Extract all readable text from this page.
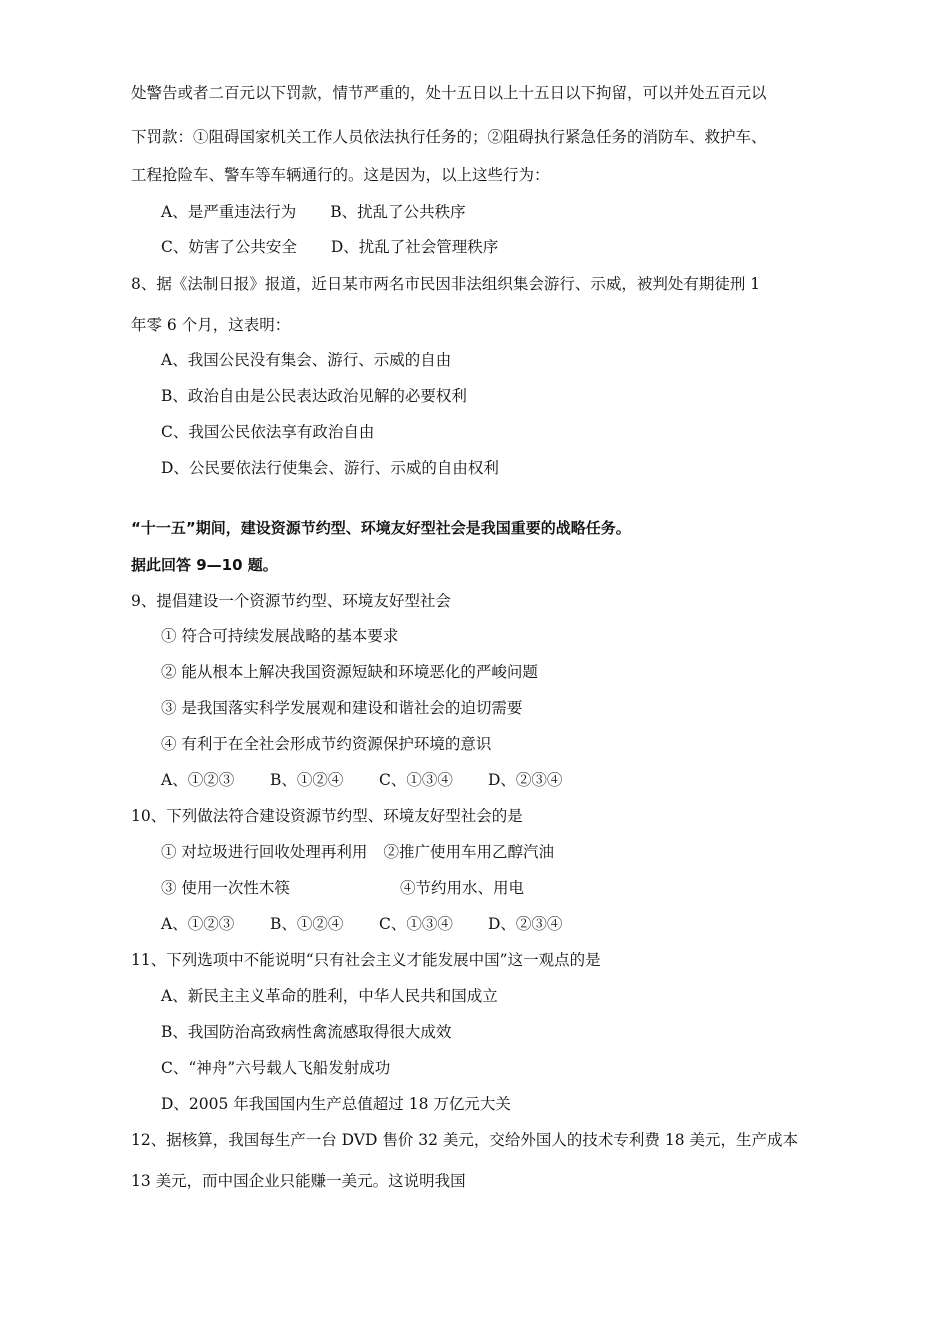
处警告或者二百元以下罚款，情节严重的，处十五日以上十五日以下拘留，可以并处五百元以
下罚款：①阻碍国家机关工作人员依法执行任务的；②阻碍执行紧急任务的消防车、救护车、
工程抢险车、警车等车辆通行的。这是因为，以上这些行为：
A、是严重违法行为 B、扰乱了公共秩序
C、妨害了公共安全 D、扰乱了社会管理秩序
8、据《法制日报》报道，近日某市两名市民因非法组织集会游行、示威，被判处有期徒刑 1
年零 6 个月，这表明：
A、我国公民没有集会、游行、示威的自由
B、政治自由是公民表达政治见解的必要权利
C、我国公民依法享有政治自由
D、公民要依法行使集会、游行、示威的自由权利
“十一五”期间，建设资源节约型、环境友好型社会是我国重要的战略任务。
据此回答 9—10 题。
9、提倡建设一个资源节约型、环境友好型社会
① 符合可持续发展战略的基本要求
② 能从根本上解决我国资源短缺和环境恶化的严峻问题
③ 是我国落实科学发展观和建设和谐社会的迫切需要
④ 有利于在全社会形成节约资源保护环境的意识
A、①②③ B、①②④ C、①③④ D、②③④
10、下列做法符合建设资源节约型、环境友好型社会的是
① 对垃圾进行回收处理再利用 ②推广使用车用乙醇汽油
③ 使用一次性木筷	④节约用水、用电
A、①②③ B、①②④ C、①③④ D、②③④
11、下列选项中不能说明“只有社会主义才能发展中国”这一观点的是
A、新民主主义革命的胜利，中华人民共和国成立
B、我国防治高致病性禽流感取得很大成效
C、“神舟”六号载人飞船发射成功
D、2005 年我国国内生产总值超过 18 万亿元大关
12、据核算，我国每生产一台 DVD 售价 32 美元，交给外国人的技术专利费 18 美元，生产成本
13 美元，而中国企业只能赚一美元。这说明我国
